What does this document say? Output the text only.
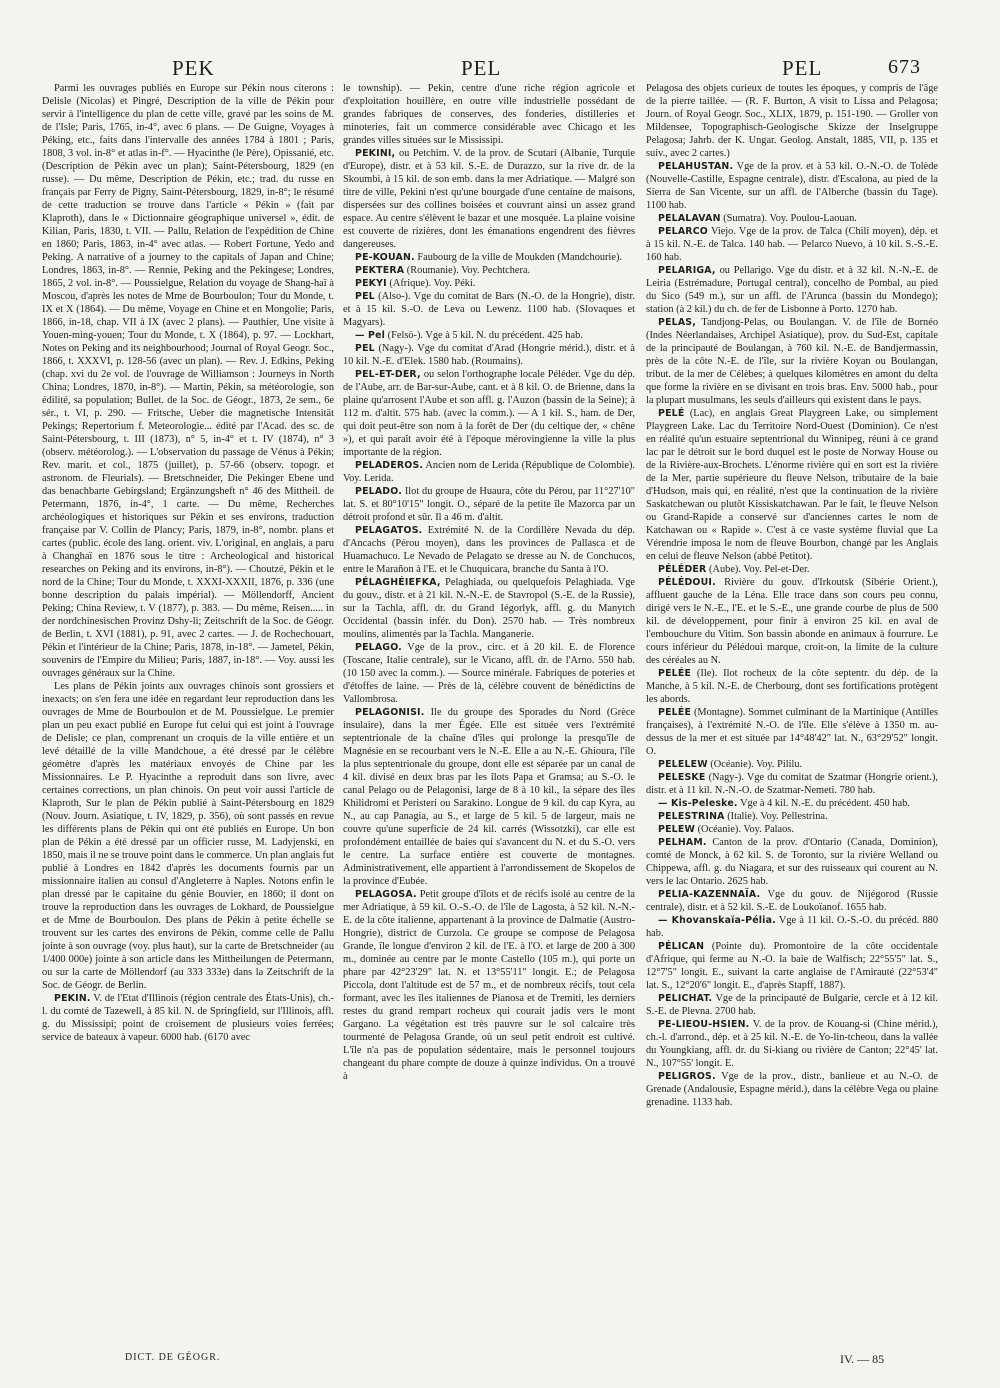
PEK	PEL	PEL	673

Parmi les ouvrages publiés en Europe sur Pékin nous citerons : Delisle (Nicolas) et Pingré, Description de la ville de Pékin pour servir à l'intelligence du plan de cette ville, gravé par les soins de M. de l'Isle; Paris, 1765, in-4°, avec 6 plans. — De Guigne, Voyages à Péking, etc., faits dans l'intervalle des années 1784 à 1801 ; Paris, 1808, 3 vol. in-8° et atlas in-f°. — Hyacinthe (le Père), Opissanié, etc. (Description de Pékin avec un plan); Saint-Pétersbourg, 1829 (en russe). — Du même, Description de Pékin, etc.; trad. du russe en français par Ferry de Pigny, Saint-Pétersbourg, 1829, in-8°; le résumé de cette traduction se trouve dans l'article « Pékin » (fait par Klaproth), dans le « Dictionnaire géographique universel », édit. de Kilian, Paris, 1830, t. VII. — Pallu, Relation de l'expédition de Chine en 1860; Paris, 1863, in-4° avec atlas. — Robert Fortune, Yedo and Peking. A narrative of a journey to the capitals of Japan and Chine; Londres, 1863, in-8°. — Rennie, Peking and the Pekingese; Londres, 1865, 2 vol. in-8°. — Poussielgue, Relation du voyage de Shang-haï à Moscou, d'après les notes de Mme de Bourboulon; Tour du Monde, t. IX et X (1864). — Du même, Voyage en Chine et en Mongolie; Paris, 1866, in-18, chap. VII à IX (avec 2 plans). — Pauthier, Une visite à Youen-ming-youen; Tour du Monde, t. X (1864), p. 97. — Lockhart, Notes on Peking and its neighbourhood; Journal of Royal Geogr. Soc., 1866, t. XXXVI, p. 128-56 (avec un plan). — Rev. J. Edkins, Peking (chap. xvi du 2e vol. de l'ouvrage de Williamson : Journeys in North China; Londres, 1870, in-8°). — Martin, Pékin, sa météorologie, son édilité, sa population; Bullet. de la Soc. de Géogr., 1873, 2e sem., 6e sér., t. VI, p. 290. — Fritsche, Ueber die magnetische Intensität Pekings; Repertorium f. Meteorologie... édité par l'Acad. des sc. de Saint-Pétersbourg, t. III (1873), n° 5, in-4° et t. IV (1874), n° 3 (observ. météorolog.). — L'observation du passage de Vénus à Pékin; Rev. marit. et col., 1875 (juillet), p. 57-66 (observ. topogr. et astronom. de Fleurials). — Bretschneider, Die Pekinger Ebene und das benachbarte Gebirgsland; Ergänzungsheft n° 46 des Mittheil. de Petermann, 1876, in-4°, 1 carte. — Du même, Recherches archéologiques et historiques sur Pékin et ses environs, traduction française par V. Collin de Plancy; Paris, 1879, in-8°, nombr. plans et cartes (public. école des lang. orient. viv. L'original, en anglais, a paru à Changhaï en 1876 sous le titre : Archeological and historical researches on Peking and its environs, in-8°). — Choutzé, Pékin et le nord de la Chine; Tour du Monde, t. XXXI-XXXII, 1876, p. 336 (une bonne description du palais impérial). — Möllendorff, Ancient Peking; China Review, t. V (1877), p. 383. — Du même, Reisen..... in der nordchinesischen Provinz Dshy-li; Zeitschrift de la Soc. de Géogr. de Berlin, t. XVI (1881), p. 91, avec 2 cartes. — J. de Rochechouart, Pékin et l'intérieur de la Chine; Paris, 1878, in-18°. — Jametel, Pékin, souvenirs de l'Empire du Milieu; Paris, 1887, in-18°. — Voy. aussi les ouvrages généraux sur la Chine.

Les plans de Pékin joints aux ouvrages chinois sont grossiers et inexacts; on s'en fera une idée en regardant leur reproduction dans les ouvrages de Mme de Bourboulon et de M. Poussielgue. Le premier plan un peu exact publié en Europe fut celui qui est joint à l'ouvrage de Delisle; ce plan, comprenant un croquis de la ville entière et un levé détaillé de la ville Mandchoue, a été dressé par le célèbre géomètre d'après les matériaux envoyés de Chine par les Missionnaires. Le P. Hyacinthe a reproduit dans son livre, avec certaines corrections, un plan chinois. On peut voir aussi l'article de Klaproth, Sur le plan de Pékin publié à Saint-Pétersbourg en 1829 (Nouv. Journ. Asiatique, t. IV, 1829, p. 356), où sont passés en revue les différents plans de Pékin qui ont été publiés en Europe. Un bon plan de Pékin a été dressé par un officier russe, M. Ladyjenski, en 1850, mais il ne se trouve point dans le commerce. Un plan anglais fut publié à Londres en 1842 d'après les documents fournis par un missionnaire italien au consul d'Angleterre à Naples. Notons enfin le plan dressé par le capitaine du génie Bouvier, en 1860; il dont on trouve la reproduction dans les ouvrages de Lokhard, de Poussielgue et de Mme de Bourboulon. Des plans de Pékin à petite échelle se trouvent sur les cartes des environs de Pékin, comme celle de Pallu jointe à son ouvrage (voy. plus haut), sur la carte de Bretschneider (au 1/400 000e) jointe à son article dans les Mittheilungen de Petermann, ou sur la carte de Möllendorf (au 333 333e) dans la Zeitschrift de la Soc. de Géogr. de Berlin.

PEKIN. V. de l'Etat d'Illinois (région centrale des États-Unis), ch.-l. du comté de Tazewell, à 85 kil. N. de Springfield, sur l'Illinois, affl. g. du Mississipi; point de croisement de plusieurs voies ferrées; service de bateaux à vapeur. 6000 hab. (6170 avec

le township). — Pekin, centre d'une riche région agricole et d'exploitation houillère, en outre ville industrielle possédant de grandes fabriques de conserves, des fonderies, distilleries et minoteries, fait un commerce considérable avec Chicago et les grandes villes situées sur le Mississipi.

PEKINI, ou Petchim. V. de la prov. de Scutari (Albanie, Turquie d'Europe), distr. et à 53 kil. S.-E. de Durazzo, sur la rive dr. de la Skoumbi, à 15 kil. de son emb. dans la mer Adriatique. — Malgré son titre de ville, Pekini n'est qu'une bourgade d'une centaine de maisons, dispersées sur des collines boisées et couvrant ainsi un assez grand espace. Au centre s'élèvent le bazar et une mosquée. La plaine voisine est couverte de rizières, dont les émanations engendrent des fièvres dangereuses.

PE-KOUAN. Faubourg de la ville de Moukden (Mandchourie).

PEKTERA (Roumanie). Voy. Pechtchera.

PEKYI (Afrique). Voy. Péki.

PEL (Also-). Vge du comitat de Bars (N.-O. de la Hongrie), distr. et à 15 kil. S.-O. de Leva ou Lewenz. 1100 hab. (Slovaques et Magyars).

— Pel (Felsö-). Vge à 5 kil. N. du précédent. 425 hab.

PEL (Nagy-). Vge du comitat d'Arad (Hongrie mérid.), distr. et à 10 kil. N.-E. d'Elek. 1580 hab. (Roumains).

PEL-ET-DER, ou selon l'orthographe locale Péléder. Vge du dép. de l'Aube, arr. de Bar-sur-Aube, cant. et à 8 kil. O. de Brienne, dans la plaine qu'arrosent l'Aube et son affl. g. l'Auzon (bassin de la Seine); à 112 m. d'altit. 575 hab. (avec la comm.). — A 1 kil. S., ham. de Der, qui doit peut-être son nom à la forêt de Der (du celtique der, « chêne »), et qui paraît avoir été à l'époque mérovingienne la ville la plus importante de la région.

PELADEROS. Ancien nom de Lerida (République de Colombie). Voy. Lerida.

PELADO. Ilot du groupe de Huaura, côte du Pérou, par 11°27'10" lat. S. et 80°10'15" longit. O., séparé de la petite île Mazorca par un détroit profond et sûr. Il a 46 m. d'altit.

PELAGATOS. Extrémité N. de la Cordillère Nevada du dép. d'Ancachs (Pérou moyen), dans les provinces de Pallasca et de Huamachuco. Le Nevado de Pelagato se dresse au N. de Conchucos, entre le Marañon à l'E. et le Chuquicara, branche du Santa à l'O.

PÉLAGHÉIEFKA, Pelaghiada, ou quelquefois Pelaghiada. Vge du gouv., distr. et à 21 kil. N.-N.-E. de Stavropol (S.-E. de la Russie), sur la Tachla, affl. dr. du Grand Iégorlyk, affl. g. du Manytch Occidental (bassin infér. du Don). 2570 hab. — Très nombreux moulins, alimentés par la Tachla. Manganerie.

PELAGO. Vge de la prov., circ. et à 20 kil. E. de Florence (Toscane, Italie centrale), sur le Vicano, affl. dr. de l'Arno. 550 hab. (10 150 avec la comm.). — Source minérale. Fabriques de poteries et d'étoffes de laine. — Près de là, célèbre couvent de bénédictins de Vallombrosa.

PELAGONISI. Ile du groupe des Sporades du Nord (Grèce insulaire), dans la mer Égée. Elle est située vers l'extrémité septentrionale de la chaîne d'îles qui prolonge la presqu'île de Magnésie en se recourbant vers le N.-E. Elle a au N.-E. Ghioura, l'île la plus septentrionale du groupe, dont elle est séparée par un canal de 4 kil. divisé en deux bras par les îlots Papa et Gramsa; au S.-O. le canal Pelago ou de Pelagonisi, large de 8 à 10 kil., la sépare des îles Khilidromi et Peristeri ou Sarakino. Longue de 9 kil. du cap Kyra, au N., au cap Panagia, au S., et large de 5 kil. 5 de largeur, mais ne couvre qu'une superficie de 24 kil. carrés (Wissotzki), car elle est profondément entaillée de baies qui s'avancent du N. et du S.-O. vers le centre. La surface entière est couverte de montagnes. Administrativement, elle appartient à l'arrondissement de Skopelos de la province d'Eubée.

PELAGOSA. Petit groupe d'îlots et de récifs isolé au centre de la mer Adriatique, à 59 kil. O.-S.-O. de l'île de Lagosta, à 52 kil. N.-N.-E. de la côte italienne, appartenant à la province de Dalmatie (Austro-Hongrie), district de Curzola. Ce groupe se compose de Pelagosa Grande, île longue d'environ 2 kil. de l'E. à l'O. et large de 200 à 300 m., dominée au centre par le monte Castello (105 m.), qui porte un phare par 42°23'29" lat. N. et 13°55'11" longit. E.; de Pelagosa Piccola, dont l'altitude est de 57 m., et de nombreux récifs, tout cela formant, avec les îles italiennes de Pianosa et de Tremiti, les derniers restes du grand rempart rocheux qui courait jadis vers le mont Gargano. La végétation est très pauvre sur le sol calcaire très tourmenté de Pelagosa Grande, où un seul petit endroit est cultivé. L'île n'a pas de population sédentaire, mais le personnel toujours changeant du phare compte de douze à quinze individus. On a trouvé à

Pelagosa des objets curieux de toutes les époques, y compris de l'âge de la pierre taillée. — (R. F. Burton, A visit to Lissa and Pelagosa; Journ. of Royal Geogr. Soc., XLIX, 1879, p. 151-190. — Groller von Mildensee, Topographisch-Geologische Skizze der Inselgruppe Pelagosa; Jahrb. der K. Ungar. Geolog. Anstalt, 1885, VII, p. 135 et suiv., avec 2 cartes.)

PELAHUSTAN. Vge de la prov. et à 53 kil. O.-N.-O. de Tolède (Nouvelle-Castille, Espagne centrale), distr. d'Escalona, au pied de la Sierra de San Vicente, sur un affl. de l'Alberche (bassin du Tage). 1100 hab.

PELALAVAN (Sumatra). Voy. Poulou-Laouan.

PELARCO Viejo. Vge de la prov. de Talca (Chili moyen), dép. et à 15 kil. N.-E. de Talca. 140 hab. — Pelarco Nuevo, à 10 kil. S.-S.-E. 160 hab.

PELARIGA, ou Pellarigo. Vge du distr. et à 32 kil. N.-N.-E. de Leiria (Estrémadure, Portugal central), concelho de Pombal, au pied du Sico (549 m.), sur un affl. de l'Arunca (bassin du Mondego); station (à 2 kil.) du ch. de fer de Lisbonne à Porto. 1270 hab.

PELAS, Tandjong-Pelas, ou Boulangan. V. de l'île de Bornéo (Indes Néerlandaises, Archipel Asiatique), prov. du Sud-Est, capitale de la principauté de Boulangan, à 760 kil. N.-E. de Bandjermassin, près de la côte N.-E. de l'île, sur la rivière Koyan ou Boulangan, tribut. de la mer de Célèbes; à quelques kilomètres en amont du delta que forme la rivière en se divisant en trois bras. Env. 5000 hab., pour la plupart musulmans, les seuls d'ailleurs qui existent dans le pays.

PELÉ (Lac), en anglais Great Playgreen Lake, ou simplement Playgreen Lake. Lac du Territoire Nord-Ouest (Dominion). Ce n'est en réalité qu'un estuaire septentrional du Winnipeg, réuni à ce grand lac par le détroit sur le bord duquel est le poste de Norway House ou de la Rivière-aux-Brochets. L'énorme rivière qui en sort est la rivière de la Mer, partie supérieure du fleuve Nelson, tributaire de la baie d'Hudson, mais qui, en réalité, n'est que la continuation de la rivière Saskatchewan ou plutôt Kissiskatchawan. Par le fait, le fleuve Nelson ou Grand-Rapide a conservé sur d'anciennes cartes le nom de Katchawan ou « Rapide ». C'est à ce vaste système fluvial que La Vérendrie imposa le nom de fleuve Bourbon, changé par les Anglais en celui de fleuve Nelson (abbé Petitot).

PÉLÉDER (Aube). Voy. Pel-et-Der.

PÉLÉDOUI. Rivière du gouv. d'Irkoutsk (Sibérie Orient.), affluent gauche de la Léna. Elle trace dans son cours peu connu, dirigé vers le N.-E., l'E. et le S.-E., une grande courbe de plus de 500 kil. de développement, pour finir à environ 25 kil. en aval de l'embouchure du Vitim. Son bassin abonde en animaux à fourrure. Le cours inférieur du Pélédoui marque, croit-on, la limite de la culture des céréales au N.

PELÉE (Ile). Ilot rocheux de la côte septentr. du dép. de la Manche, à 5 kil. N.-E. de Cherbourg, dont ses fortifications protègent les abords.

PELÉE (Montagne). Sommet culminant de la Martinique (Antilles françaises), à l'extrémité N.-O. de l'île. Elle s'élève à 1350 m. au-dessus de la mer et est située par 14°48'42" lat. N., 63°29'52" longit. O.

PELELEW (Océanie). Voy. Pililu.

PELESKE (Nagy-). Vge du comitat de Szatmar (Hongrie orient.), distr. et à 11 kil. N.-N.-O. de Szatmar-Nemeti. 780 hab.

— Kis-Peleske. Vge à 4 kil. N.-E. du précédent. 450 hab.

PELESTRINA (Italie). Voy. Pellestrina.

PELEW (Océanie). Voy. Palaos.

PELHAM. Canton de la prov. d'Ontario (Canada, Dominion), comté de Monck, à 62 kil. S. de Toronto, sur la rivière Welland ou Chippewa, affl. g. du Niagara, et sur des ruisseaux qui courent au N. vers le lac Ontario. 2625 hab.

PELIA-KAZENNAÏA. Vge du gouv. de Nijégorod (Russie centrale), distr. et à 52 kil. S.-E. de Loukoïanof. 1655 hab.

— Khovanskaïa-Pélia. Vge à 11 kil. O.-S.-O. du précéd. 880 hab.

PÉLICAN (Pointe du). Promontoire de la côte occidentale d'Afrique, qui ferme au N.-O. la baie de Walfisch; 22°55'5" lat. S., 12°7'5" longit. E., suivant la carte anglaise de l'Amirauté (22°53'4" lat. S., 12°20'6" longit. E., d'après Stapff, 1887).

PELICHAT. Vge de la principauté de Bulgarie, cercle et à 12 kil. S.-E. de Plevna. 2700 hab.

PE-LIEOU-HSIEN. V. de la prov. de Kouang-si (Chine mérid.), ch.-l. d'arrond., dép. et à 25 kil. N.-E. de Yo-lin-tcheou, dans la vallée du Youngkiang, affl. dr. du Si-kiang ou rivière de Canton; 22°45' lat. N., 107°55' longit. E.

PELIGROS. Vge de la prov., distr., banlieue et au N.-O. de Grenade (Andalousie, Espagne mérid.), dans la célèbre Vega ou plaine grenadine. 1133 hab.

DICT. DE GÉOGR.	IV. — 85
